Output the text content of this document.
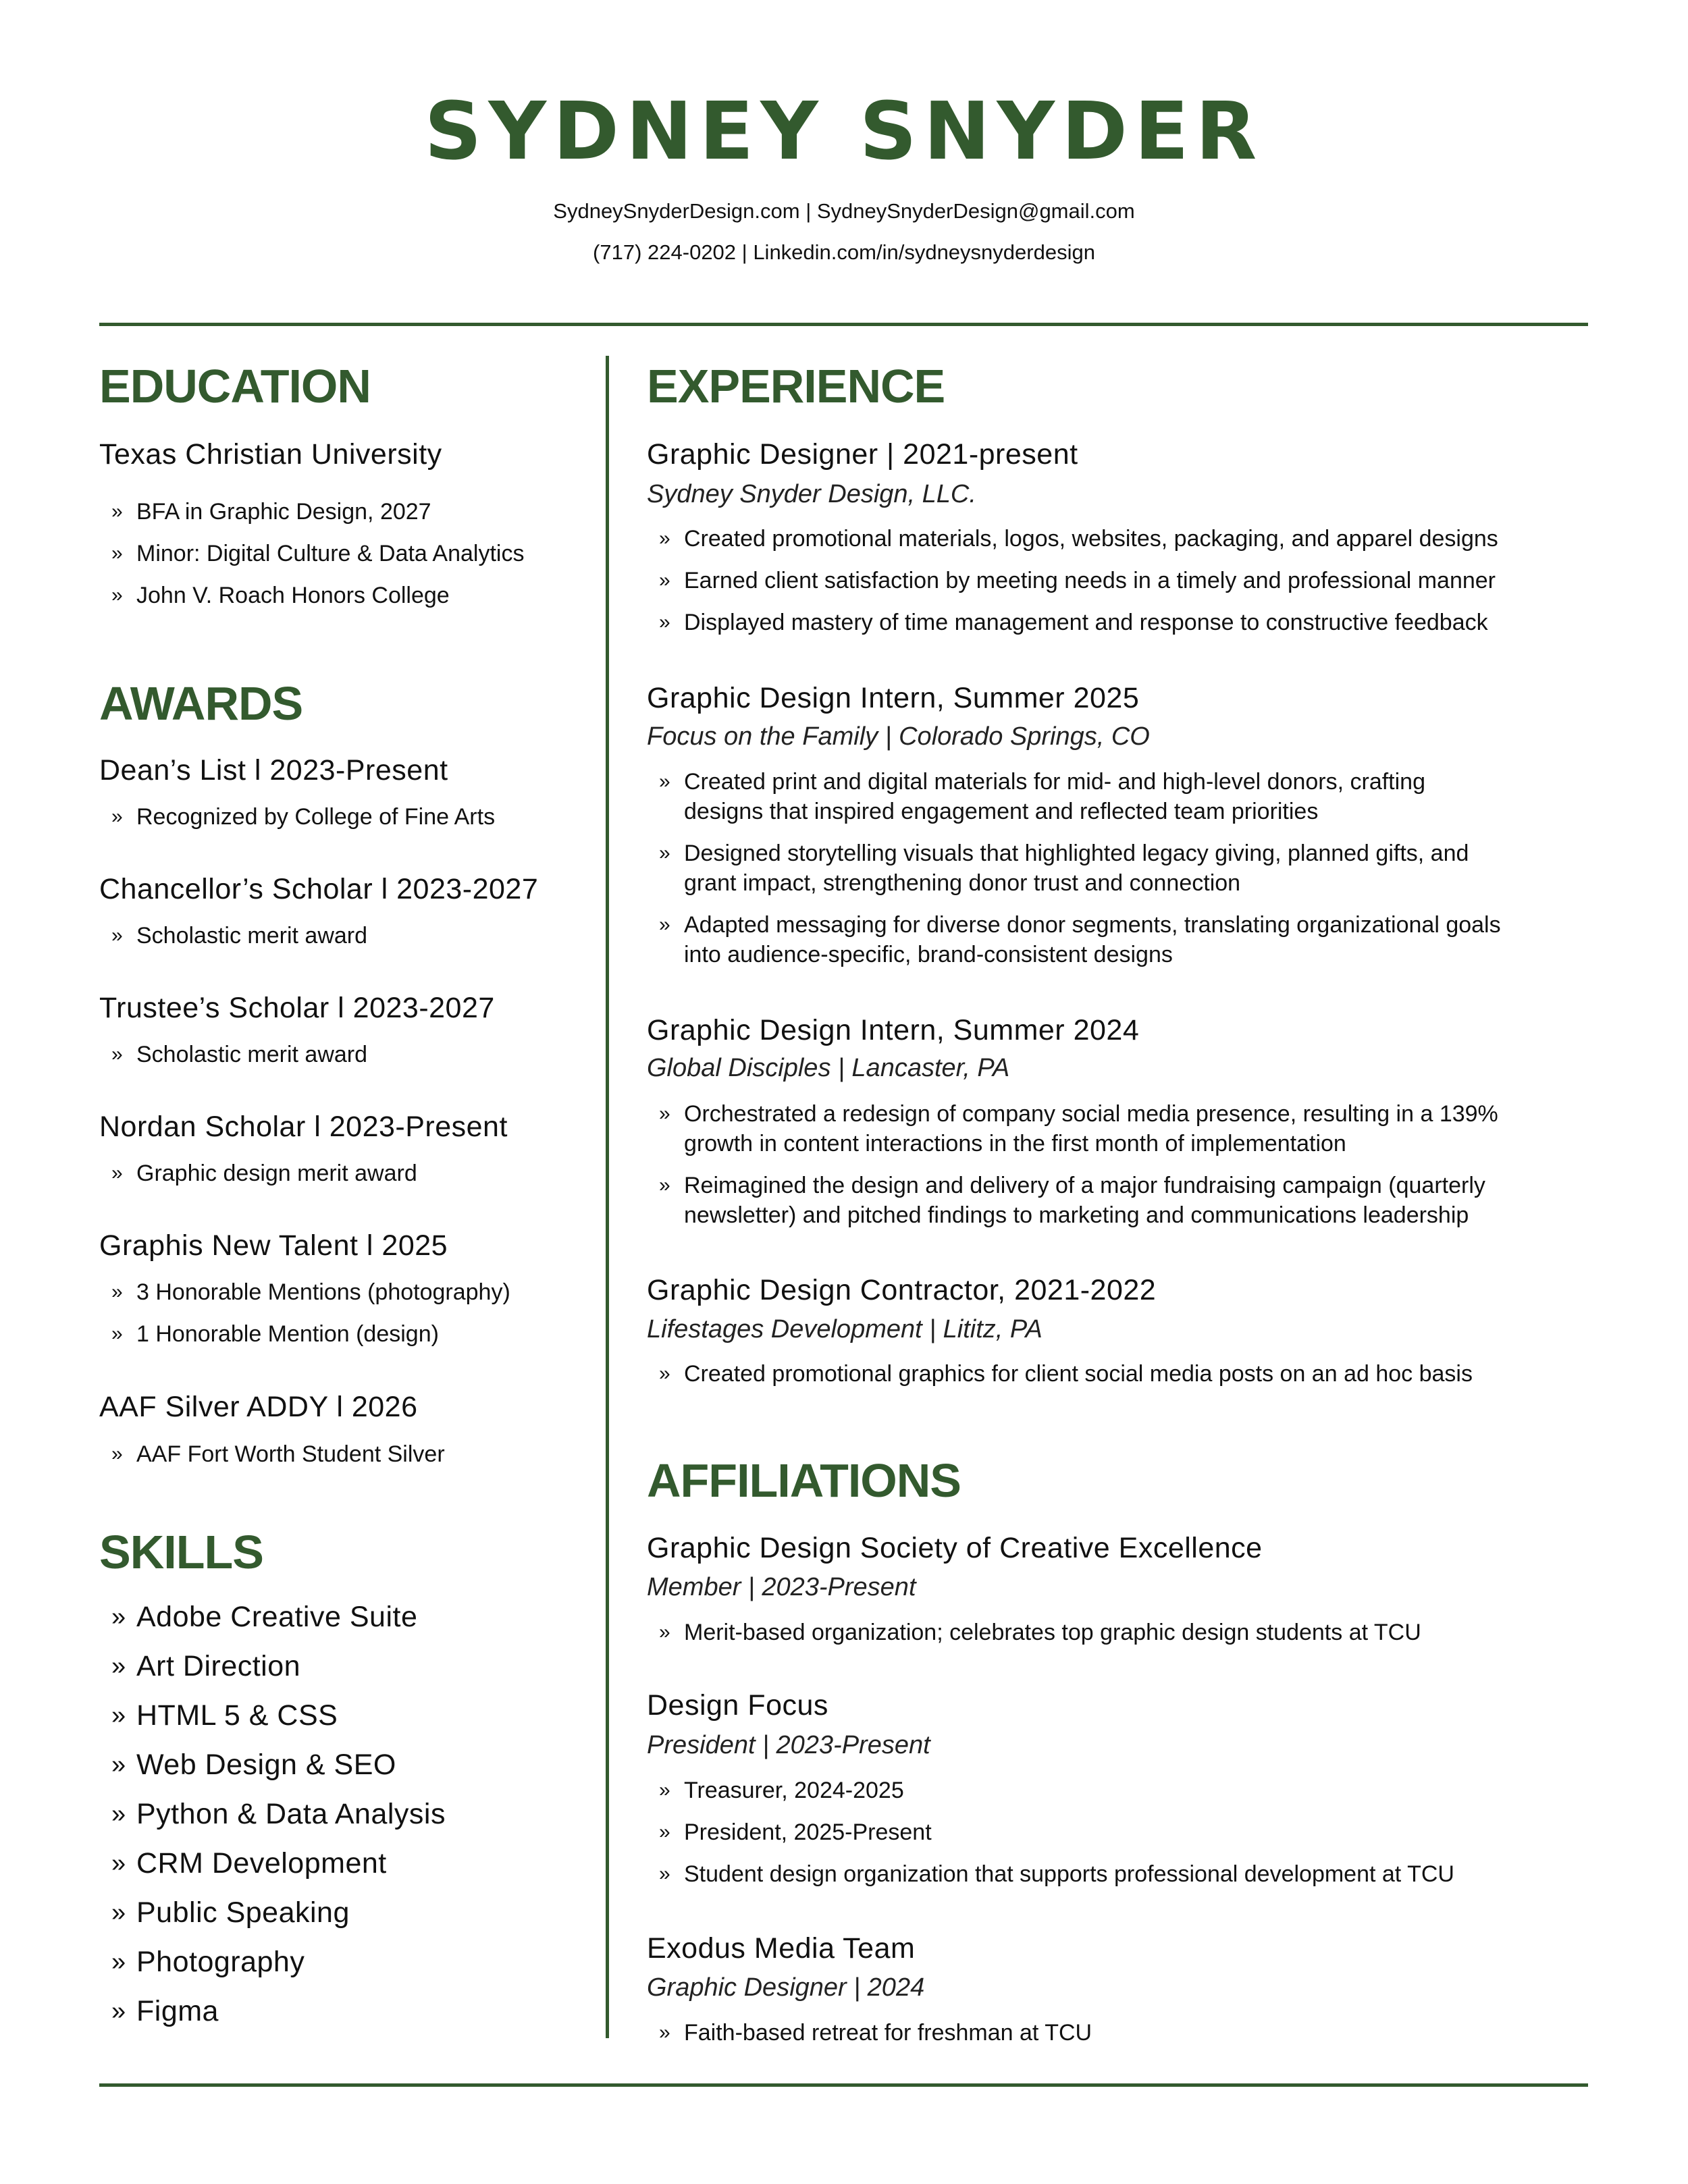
SYDNEY SNYDER
SydneySnyderDesign.com | SydneySnyderDesign@gmail.com
(717) 224-0202 | Linkedin.com/in/sydneysnyderdesign
EDUCATION
Texas Christian University
» BFA in Graphic Design, 2027
» Minor: Digital Culture & Data Analytics
» John V. Roach Honors College
AWARDS
Dean’s List l 2023-Present
» Recognized by College of Fine Arts
Chancellor’s Scholar l 2023-2027
» Scholastic merit award
Trustee’s Scholar l 2023-2027
» Scholastic merit award
Nordan Scholar l 2023-Present
» Graphic design merit award
Graphis New Talent l 2025
» 3 Honorable Mentions (photography)
» 1 Honorable Mention (design)
AAF Silver ADDY l 2026
» AAF Fort Worth Student Silver
SKILLS
» Adobe Creative Suite
» Art Direction
» HTML 5 & CSS
» Web Design & SEO
» Python & Data Analysis
» CRM Development
» Public Speaking
» Photography
» Figma
EXPERIENCE
Graphic Designer | 2021-present
Sydney Snyder Design, LLC.
» Created promotional materials, logos, websites, packaging, and apparel designs
» Earned client satisfaction by meeting needs in a timely and professional manner
» Displayed mastery of time management and response to constructive feedback
Graphic Design Intern, Summer 2025
Focus on the Family | Colorado Springs, CO
» Created print and digital materials for mid- and high-level donors, crafting
designs that inspired engagement and reflected team priorities
» Designed storytelling visuals that highlighted legacy giving, planned gifts, and
grant impact, strengthening donor trust and connection
» Adapted messaging for diverse donor segments, translating organizational goals
into audience-specific, brand-consistent designs
Graphic Design Intern, Summer 2024
Global Disciples | Lancaster, PA
» Orchestrated a redesign of company social media presence, resulting in a 139%
growth in content interactions in the first month of implementation
» Reimagined the design and delivery of a major fundraising campaign (quarterly
newsletter) and pitched findings to marketing and communications leadership
Graphic Design Contractor, 2021-2022
Lifestages Development | Lititz, PA
» Created promotional graphics for client social media posts on an ad hoc basis
AFFILIATIONS
Graphic Design Society of Creative Excellence
Member | 2023-Present
» Merit-based organization; celebrates top graphic design students at TCU
Design Focus
President | 2023-Present
» Treasurer, 2024-2025
» President, 2025-Present
» Student design organization that supports professional development at TCU
Exodus Media Team
Graphic Designer | 2024
» Faith-based retreat for freshman at TCU
